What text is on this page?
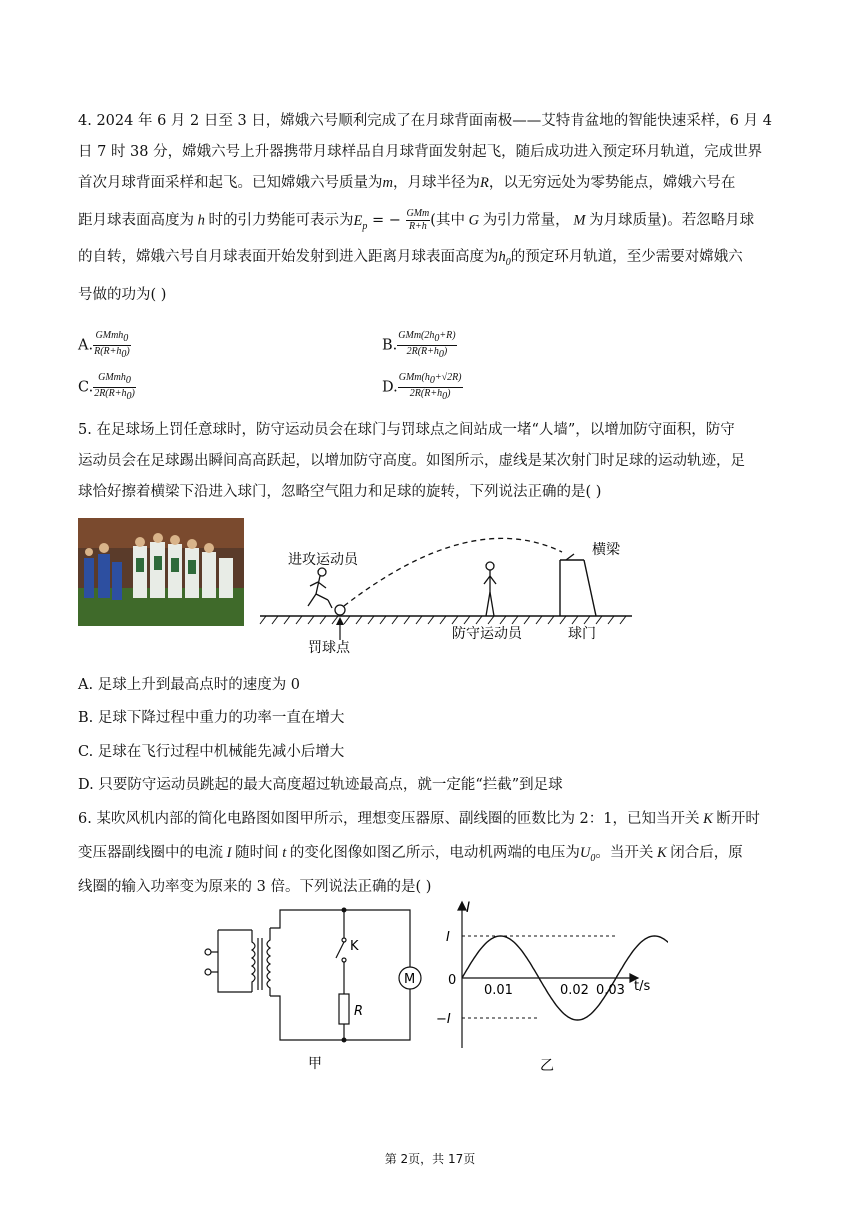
4. 2024 年 6 月 2 日至 3 日，嫦娥六号顺利完成了在月球背面南极——艾特肯盆地的智能快速采样，6 月 4
日 7 时 38 分，嫦娥六号上升器携带月球样品自月球背面发射起飞，随后成功进入预定环月轨道，完成世界
首次月球背面采样和起飞。已知嫦娥六号质量为m，月球半径为R，以无穷远处为零势能点，嫦娥六号在
距月球表面高度为 h 时的引力势能可表示为$E_p$ = − $\frac{\text{GMm}}{R+h}$ (其中 G 为引力常量， M 为月球质量)。若忽略月球
的自转，嫦娥六号自月球表面开始发射到进入距离月球表面高度为$h_0$的预定环月轨道，至少需要对嫦娥六
号做的功为( )
A. $\frac{GMmh_0}{R(R+h_0)}$	B. $\frac{GMm(2h_0+R)}{2R(R+h_0)}$
C. $\frac{GMmh_0}{2R(R+h_0)}$	D. $\frac{GMm(h_0+√2R)}{2R(R+h_0)}$
5. 在足球场上罚任意球时，防守运动员会在球门与罚球点之间站成一堵“人墙”，以增加防守面积，防守
运动员会在足球踢出瞬间高高跃起，以增加防守高度。如图所示，虚线是某次射门时足球的运动轨迹，足
球恰好擦着横梁下沿进入球门，忽略空气阻力和足球的旋转，下列说法正确的是( )
进攻运动员
罚球点
防守运动员
横梁
球门
A. 足球上升到最高点时的速度为 0
B. 足球下降过程中重力的功率一直在增大
C. 足球在飞行过程中机械能先减小后增大
D. 只要防守运动员跳起的最大高度超过轨迹最高点，就一定能“拦截”到足球
6. 某吹风机内部的简化电路图如图甲所示，理想变压器原、副线圈的匝数比为 2：1，已知当开关 K 断开时
变压器副线圈中的电流 I 随时间 t 的变化图像如图乙所示，电动机两端的电压为$U_0$。当开关 K 闭合后，原
线圈的输入功率变为原来的 3 倍。下列说法正确的是( )
M
K
R
甲
I
I
−I
0
0.01	0.02 0.03 t/s
乙
第 2页，共 17页
